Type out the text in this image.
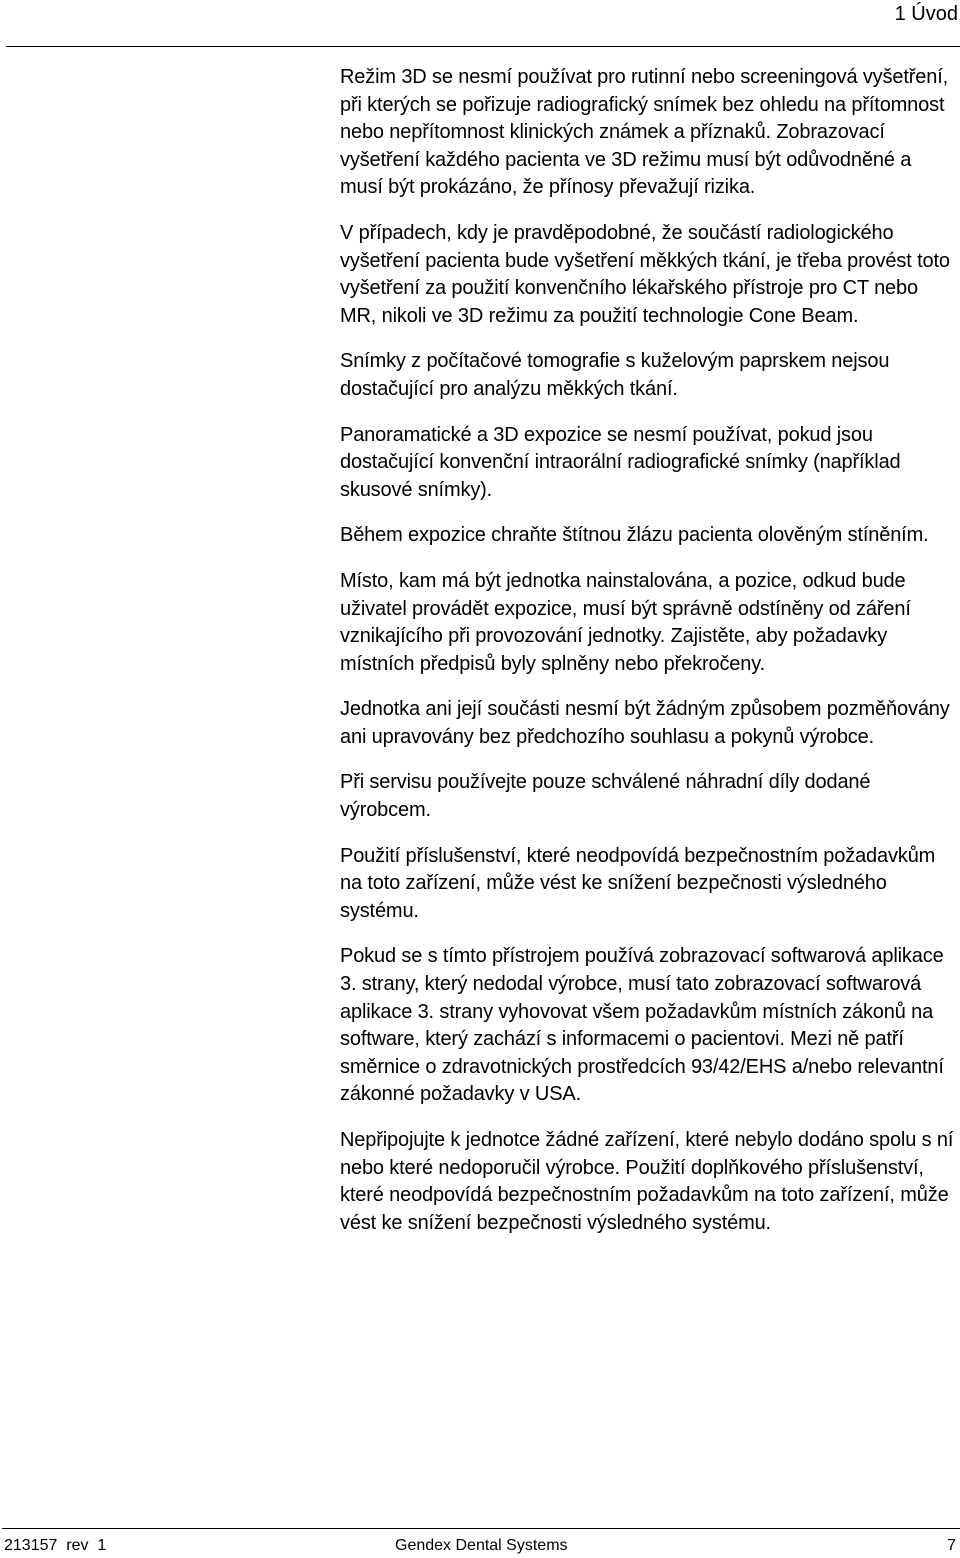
1 Úvod

Režim 3D se nesmí používat pro rutinní nebo screeningová vyšetření, při kterých se pořizuje radiografický snímek bez ohledu na přítomnost nebo nepřítomnost klinických známek a příznaků. Zobrazovací vyšetření každého pacienta ve 3D režimu musí být odůvodněné a musí být prokázáno, že přínosy převažují rizika.

V případech, kdy je pravděpodobné, že součástí radiologického vyšetření pacienta bude vyšetření měkkých tkání, je třeba provést toto vyšetření za použití konvenčního lékařského přístroje pro CT nebo MR, nikoli ve 3D režimu za použití technologie Cone Beam.

Snímky z počítačové tomografie s kuželovým paprskem nejsou dostačující pro analýzu měkkých tkání.

Panoramatické a 3D expozice se nesmí používat, pokud jsou dostačující konvenční intraorální radiografické snímky (například skusové snímky).

Během expozice chraňte štítnou žlázu pacienta olověným stíněním.

Místo, kam má být jednotka nainstalována, a pozice, odkud bude uživatel provádět expozice, musí být správně odstíněny od záření vznikajícího při provozování jednotky. Zajistěte, aby požadavky místních předpisů byly splněny nebo překročeny.

Jednotka ani její součásti nesmí být žádným způsobem pozměňovány ani upravovány bez předchozího souhlasu a pokynů výrobce.

Při servisu používejte pouze schválené náhradní díly dodané výrobcem.

Použití příslušenství, které neodpovídá bezpečnostním požadavkům na toto zařízení, může vést ke snížení bezpečnosti výsledného systému.

Pokud se s tímto přístrojem používá zobrazovací softwarová aplikace 3. strany, který nedodal výrobce, musí tato zobrazovací softwarová aplikace 3. strany vyhovovat všem požadavkům místních zákonů na software, který zachází s informacemi o pacientovi. Mezi ně patří směrnice o zdravotnických prostředcích 93/42/EHS a/nebo relevantní zákonné požadavky v USA.

Nepřipojujte k jednotce žádné zařízení, které nebylo dodáno spolu s ní nebo které nedoporučil výrobce. Použití doplňkového příslušenství, které neodpovídá bezpečnostním požadavkům na toto zařízení, může vést ke snížení bezpečnosti výsledného systému.

213157  rev  1	Gendex Dental Systems	7
